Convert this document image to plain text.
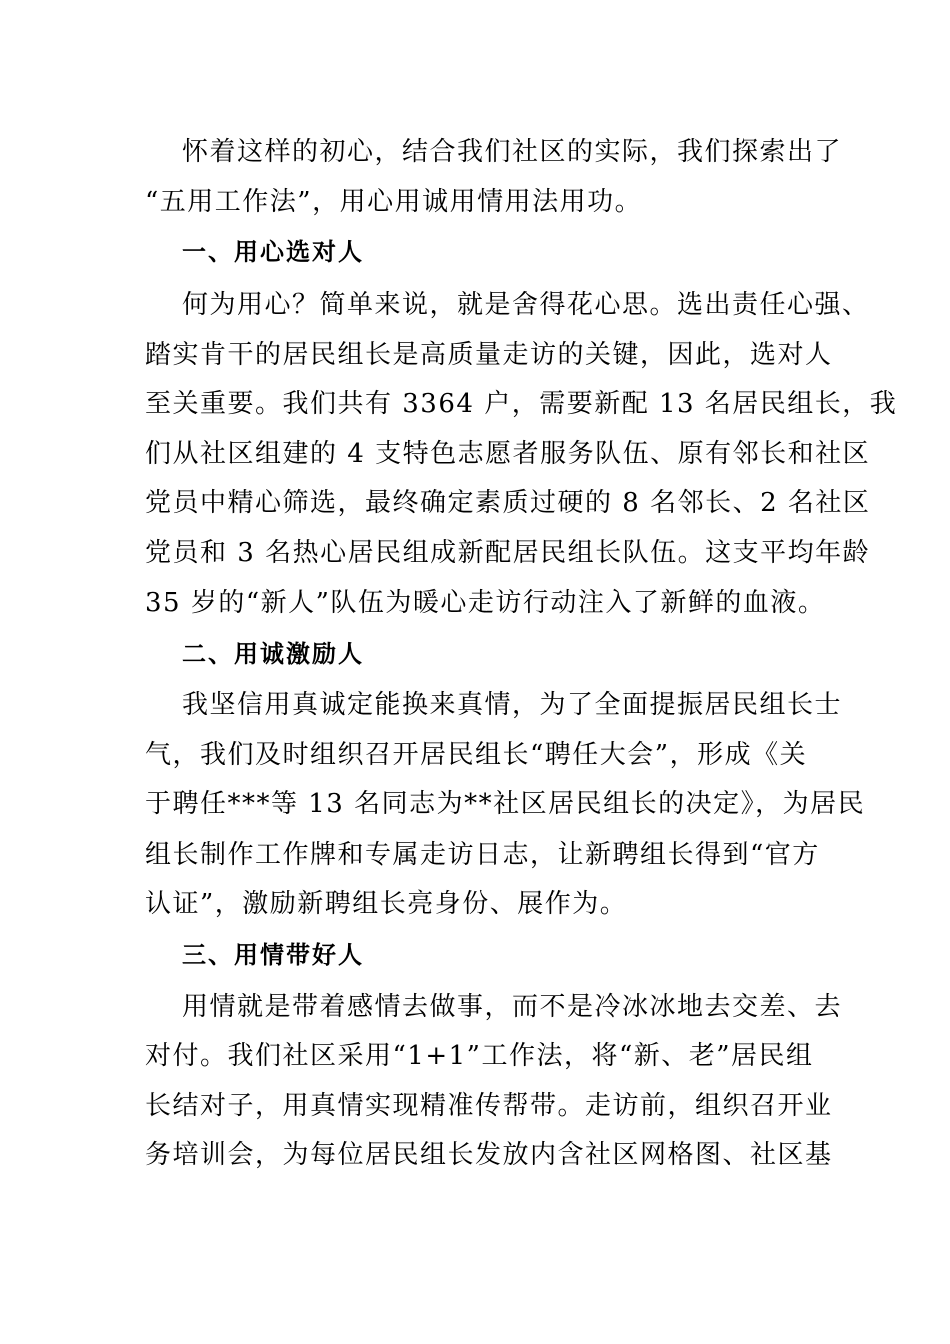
怀着这样的初心，结合我们社区的实际，我们探索出了
“五用工作法”，用心用诚用情用法用功。
一、用心选对人
何为用心？简单来说，就是舍得花心思。选出责任心强、
踏实肯干的居民组长是高质量走访的关键，因此，选对人
至关重要。我们共有 3364 户，需要新配 13 名居民组长，我
们从社区组建的 4 支特色志愿者服务队伍、原有邻长和社区
党员中精心筛选，最终确定素质过硬的 8 名邻长、2 名社区
党员和 3 名热心居民组成新配居民组长队伍。这支平均年龄
35 岁的“新人”队伍为暖心走访行动注入了新鲜的血液。
二、用诚激励人
我坚信用真诚定能换来真情，为了全面提振居民组长士
气，我们及时组织召开居民组长“聘任大会”，形成《关
于聘任***等 13 名同志为**社区居民组长的决定》，为居民
组长制作工作牌和专属走访日志，让新聘组长得到“官方
认证”，激励新聘组长亮身份、展作为。
三、用情带好人
用情就是带着感情去做事，而不是冷冰冰地去交差、去
对付。我们社区采用“1+1”工作法，将“新、老”居民组
长结对子，用真情实现精准传帮带。走访前，组织召开业
务培训会，为每位居民组长发放内含社区网格图、社区基
